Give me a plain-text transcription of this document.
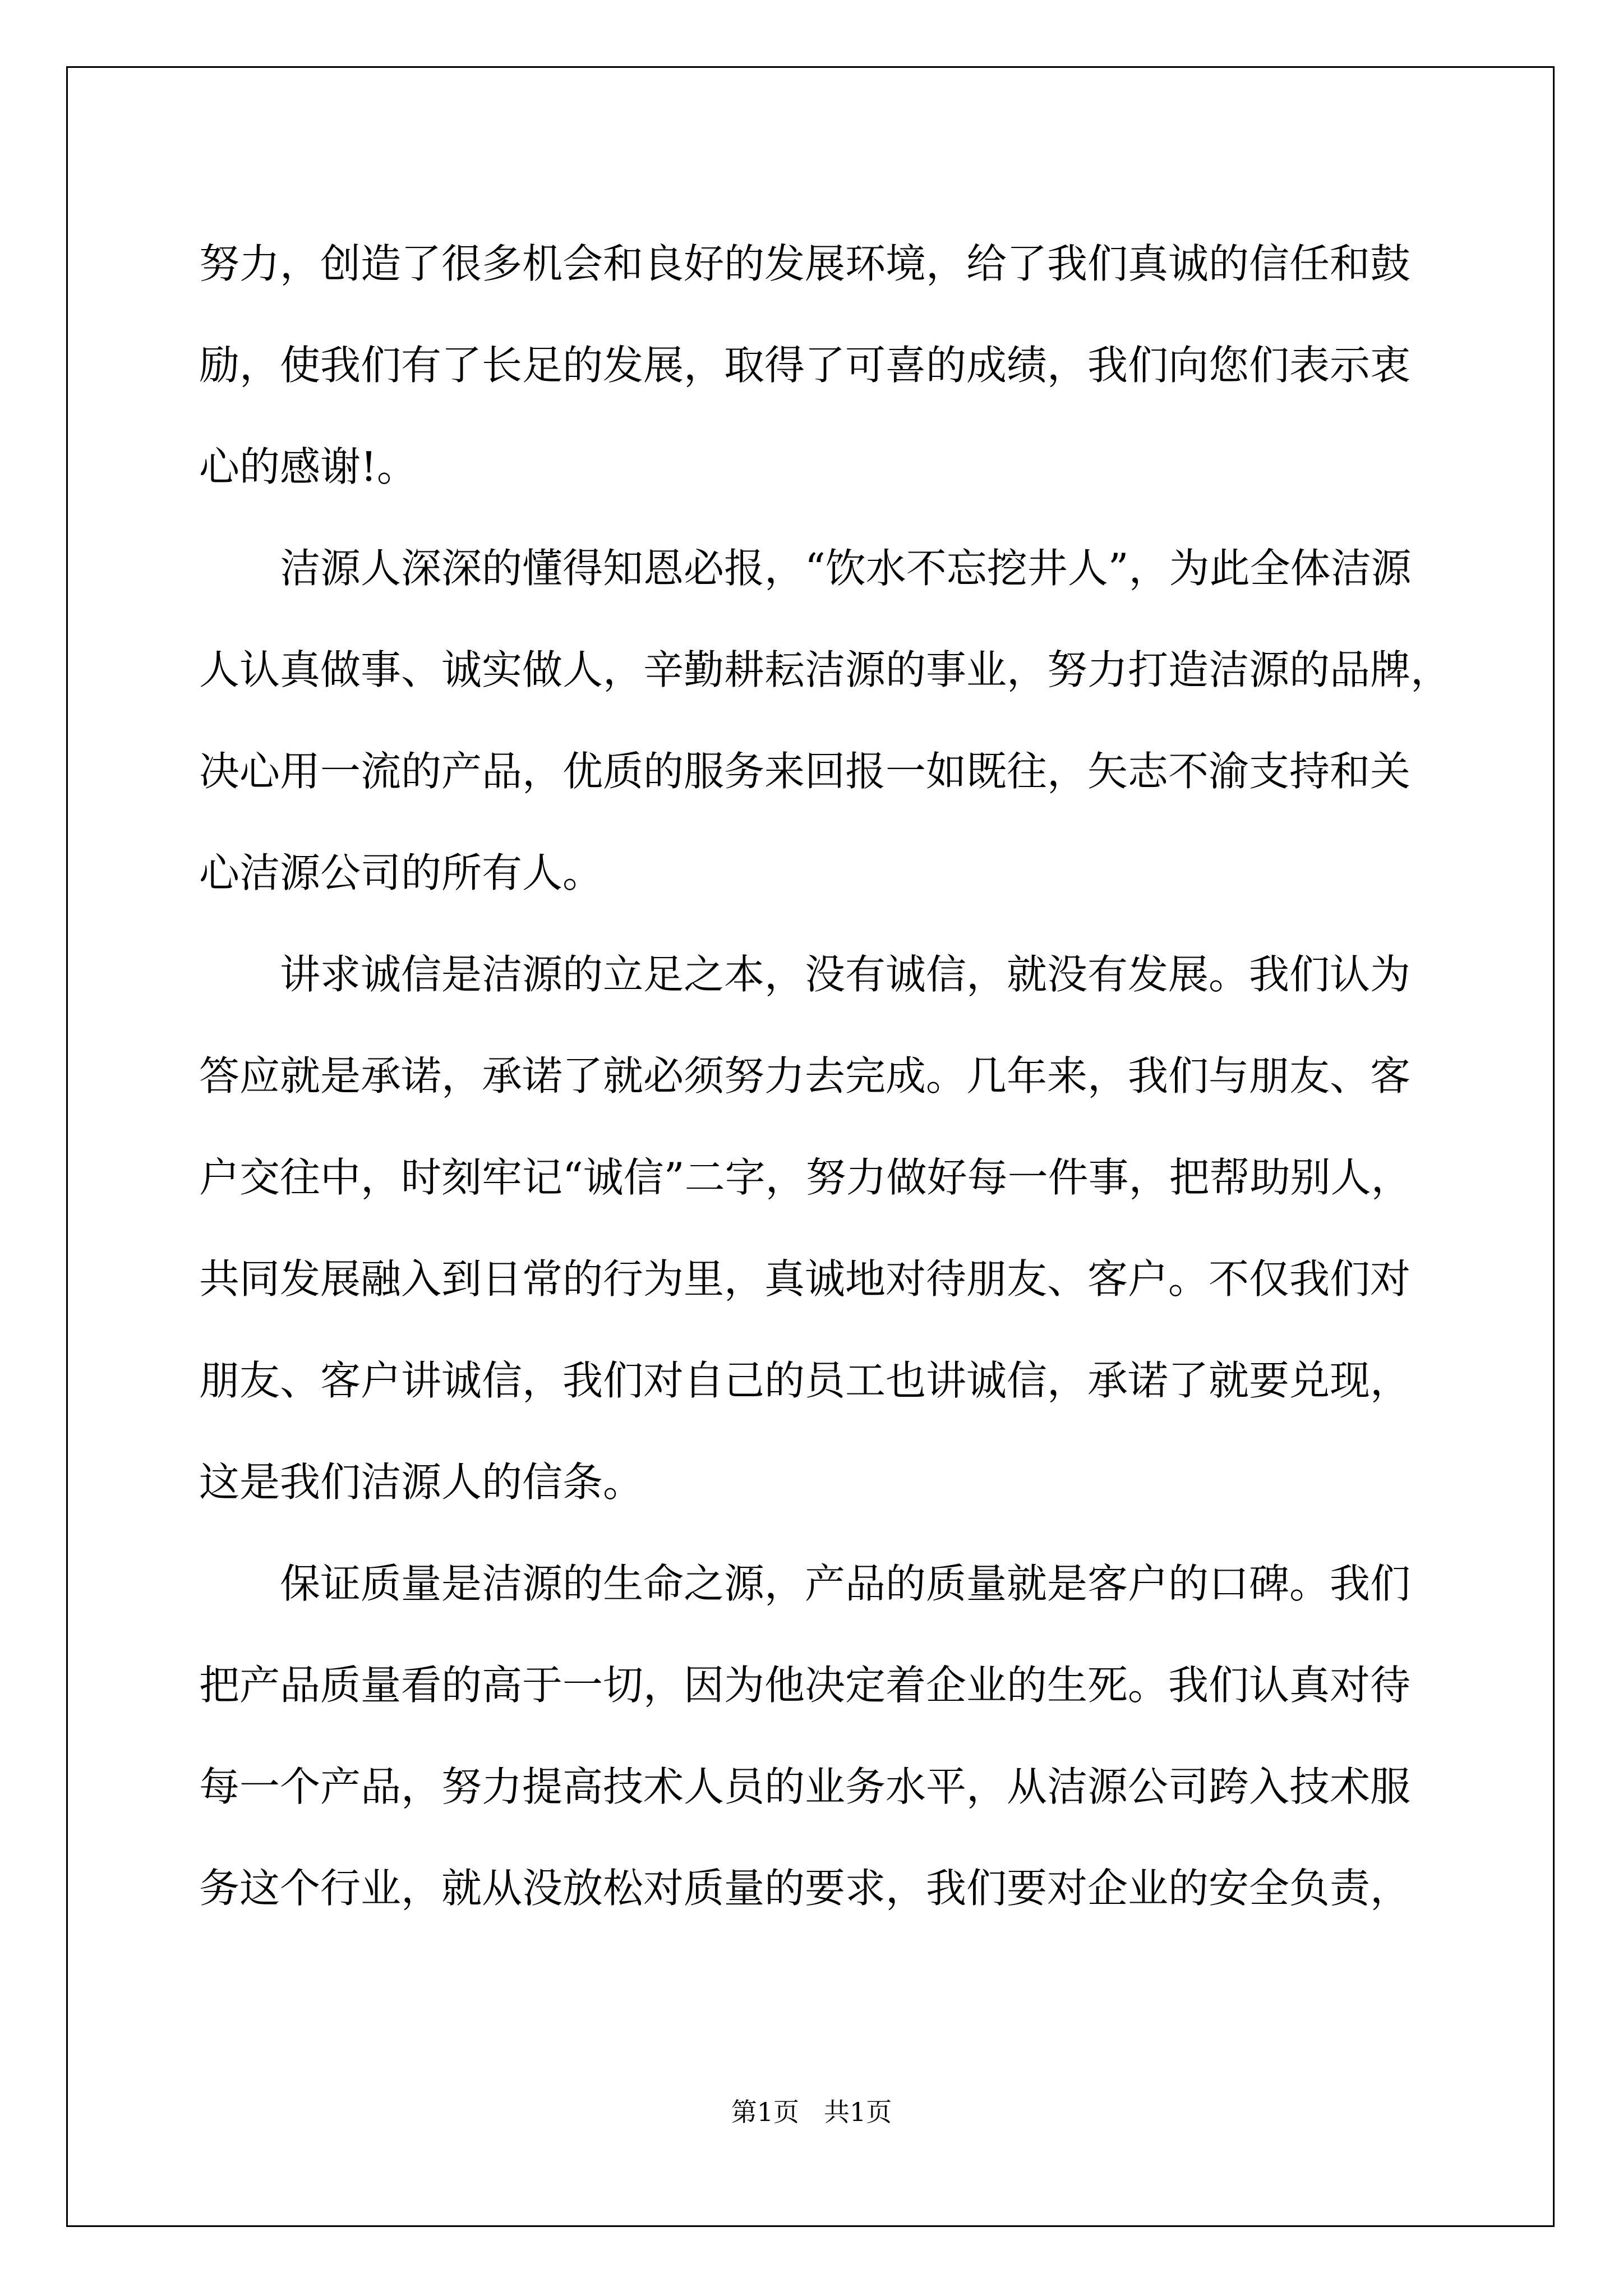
努力，创造了很多机会和良好的发展环境，给了我们真诚的信任和鼓

励，使我们有了长足的发展，取得了可喜的成绩，我们向您们表示衷

心的感谢!。

　　洁源人深深的懂得知恩必报，“饮水不忘挖井人”，为此全体洁源

人认真做事、诚实做人，辛勤耕耘洁源的事业，努力打造洁源的品牌，

决心用一流的产品，优质的服务来回报一如既往，矢志不渝支持和关

心洁源公司的所有人。

　　讲求诚信是洁源的立足之本，没有诚信，就没有发展。我们认为

答应就是承诺，承诺了就必须努力去完成。几年来，我们与朋友、客

户交往中，时刻牢记“诚信”二字，努力做好每一件事，把帮助别人，

共同发展融入到日常的行为里，真诚地对待朋友、客户。不仅我们对

朋友、客户讲诚信，我们对自己的员工也讲诚信，承诺了就要兑现，

这是我们洁源人的信条。

　　保证质量是洁源的生命之源，产品的质量就是客户的口碑。我们

把产品质量看的高于一切，因为他决定着企业的生死。我们认真对待

每一个产品，努力提高技术人员的业务水平，从洁源公司跨入技术服

务这个行业，就从没放松对质量的要求，我们要对企业的安全负责，

第1页 共1页
